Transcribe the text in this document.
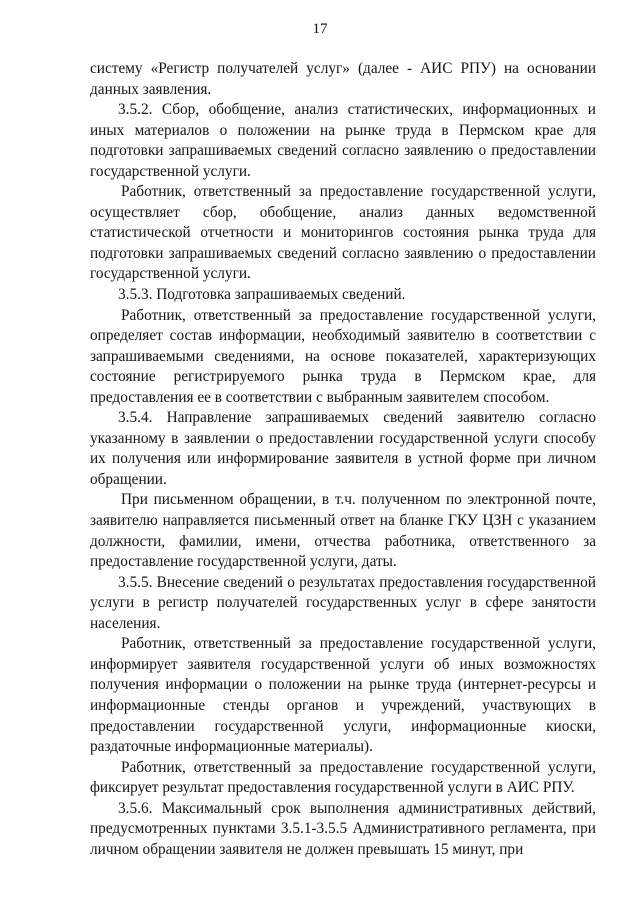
17

систему «Регистр получателей услуг» (далее - АИС РПУ) на основании данных заявления.

3.5.2. Сбор, обобщение, анализ статистических, информационных и иных материалов о положении на рынке труда в Пермском крае для подготовки запрашиваемых сведений согласно заявлению о предоставлении государственной услуги.

Работник, ответственный за предоставление государственной услуги, осуществляет сбор, обобщение, анализ данных ведомственной статистической отчетности и мониторингов состояния рынка труда для подготовки запрашиваемых сведений согласно заявлению о предоставлении государственной услуги.

3.5.3. Подготовка запрашиваемых сведений.

Работник, ответственный за предоставление государственной услуги, определяет состав информации, необходимый заявителю в соответствии с запрашиваемыми сведениями, на основе показателей, характеризующих состояние регистрируемого рынка труда в Пермском крае, для предоставления ее в соответствии с выбранным заявителем способом.

3.5.4. Направление запрашиваемых сведений заявителю согласно указанному в заявлении о предоставлении государственной услуги способу их получения или информирование заявителя в устной форме при личном обращении.

При письменном обращении, в т.ч. полученном по электронной почте, заявителю направляется письменный ответ на бланке ГКУ ЦЗН с указанием должности, фамилии, имени, отчества работника, ответственного за предоставление государственной услуги, даты.

3.5.5. Внесение сведений о результатах предоставления государственной услуги в регистр получателей государственных услуг в сфере занятости населения.

Работник, ответственный за предоставление государственной услуги, информирует заявителя государственной услуги об иных возможностях получения информации о положении на рынке труда (интернет-ресурсы и информационные стенды органов и учреждений, участвующих в предоставлении государственной услуги, информационные киоски, раздаточные информационные материалы).

Работник, ответственный за предоставление государственной услуги, фиксирует результат предоставления государственной услуги в АИС РПУ.

3.5.6. Максимальный срок выполнения административных действий, предусмотренных пунктами 3.5.1-3.5.5 Административного регламента, при личном обращении заявителя не должен превышать 15 минут, при
